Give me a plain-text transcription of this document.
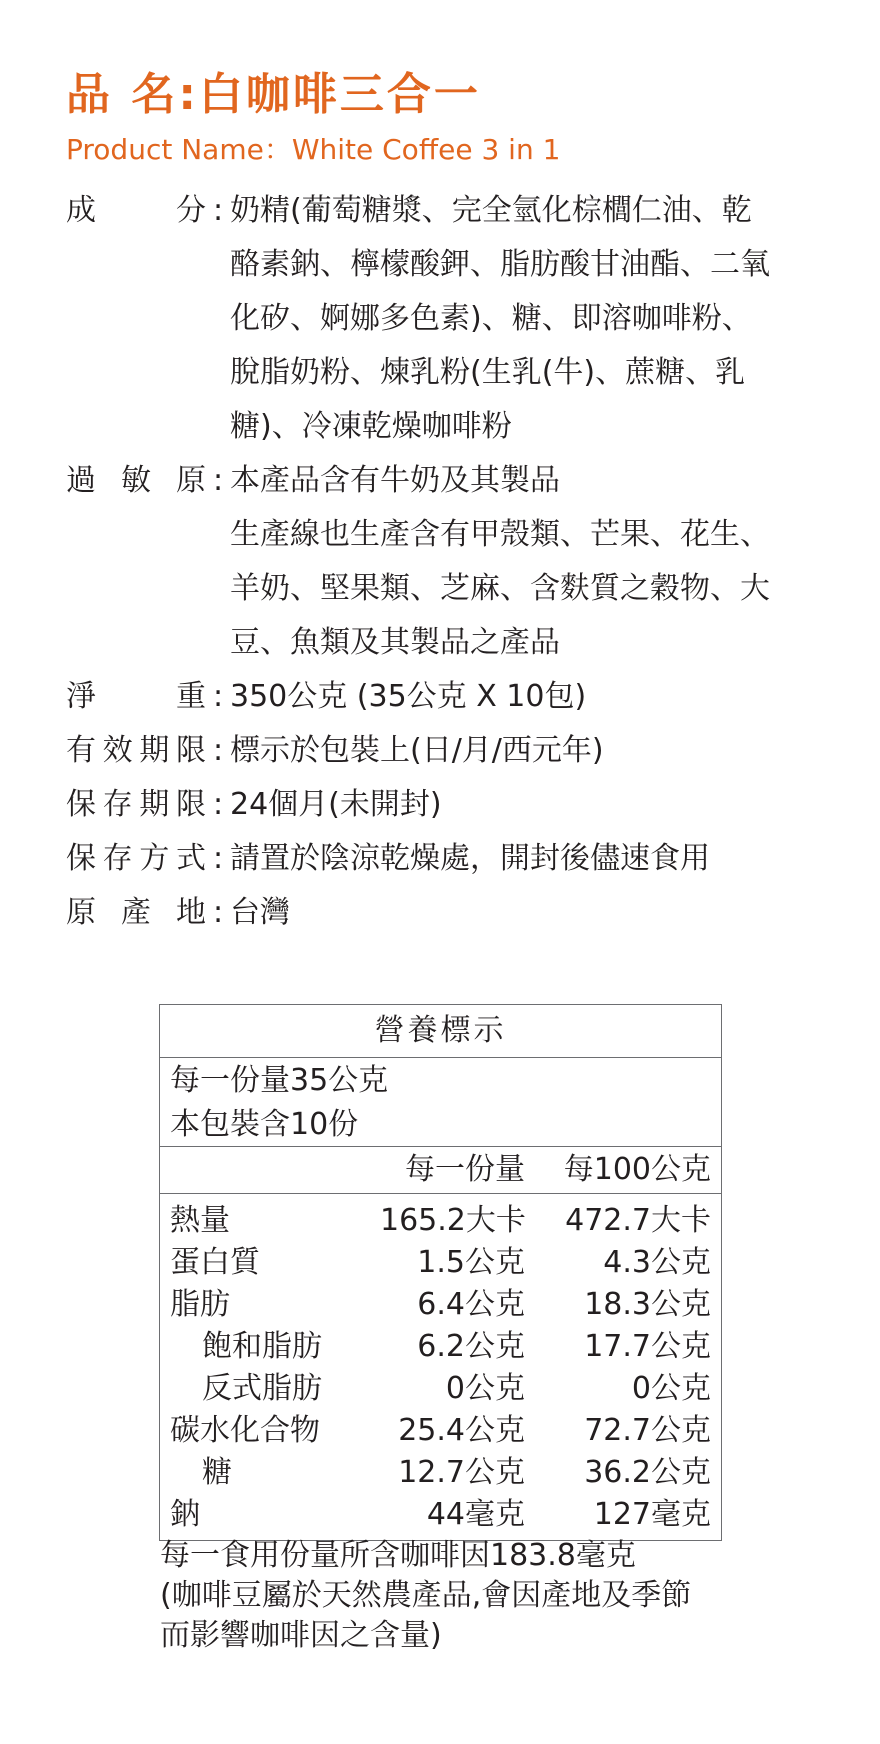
品 名:白咖啡三合一
Product Name：White Coffee 3 in 1
成	分 : 奶精(葡萄糖漿、完全氫化棕櫚仁油、乾
酪素鈉、檸檬酸鉀、脂肪酸甘油酯、二氧
化矽、婀娜多色素)、糖、即溶咖啡粉、
脫脂奶粉、煉乳粉(生乳(牛)、蔗糖、乳
糖)、冷凍乾燥咖啡粉
過 敏 原 : 本產品含有牛奶及其製品
生產線也生產含有甲殼類、芒果、花生、
羊奶、堅果類、芝麻、含麩質之穀物、大
豆、魚類及其製品之產品
淨	重 : 350公克 (35公克 X 10包)
有 效 期 限 : 標示於包裝上(日/月/西元年)
保 存 期 限 : 24個月(未開封)
保 存 方 式 : 請置於陰涼乾燥處，開封後儘速食用
原 產 地 : 台灣
營養標示
每一份量35公克
本包裝含10份
每一份量	每100公克
熱量	165.2大卡	472.7大卡
蛋白質	1.5公克	4.3公克
脂肪	6.4公克	18.3公克
飽和脂肪	6.2公克	17.7公克
反式脂肪	0公克	0公克
碳水化合物	25.4公克	72.7公克
糖	12.7公克	36.2公克
鈉	44毫克	127毫克
每一食用份量所含咖啡因183.8毫克
(咖啡豆屬於天然農產品,會因產地及季節
而影響咖啡因之含量)
